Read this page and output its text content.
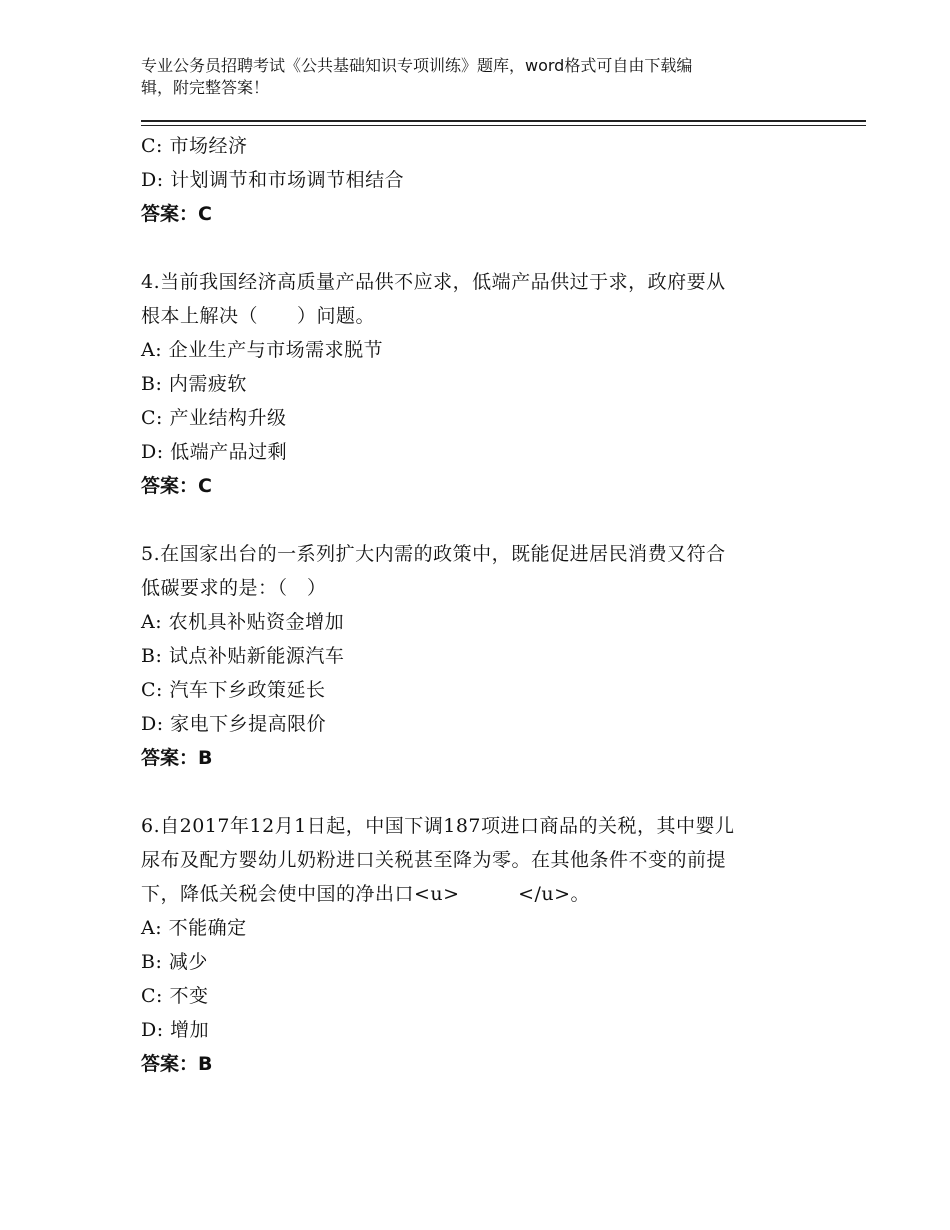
专业公务员招聘考试《公共基础知识专项训练》题库，word格式可自由下载编
辑，附完整答案！
C: 市场经济
D: 计划调节和市场调节相结合
答案：C
4.当前我国经济高质量产品供不应求，低端产品供过于求，政府要从
根本上解决（　　）问题。
A: 企业生产与市场需求脱节
B: 内需疲软
C: 产业结构升级
D: 低端产品过剩
答案：C
5.在国家出台的一系列扩大内需的政策中，既能促进居民消费又符合
低碳要求的是：（　）
A: 农机具补贴资金增加
B: 试点补贴新能源汽车
C: 汽车下乡政策延长
D: 家电下乡提高限价
答案：B
6.自2017年12月1日起，中国下调187项进口商品的关税，其中婴儿
尿布及配方婴幼儿奶粉进口关税甚至降为零。在其他条件不变的前提
下，降低关税会使中国的净出口<u>　　　</u>。
A: 不能确定
B: 减少
C: 不变
D: 增加
答案：B
